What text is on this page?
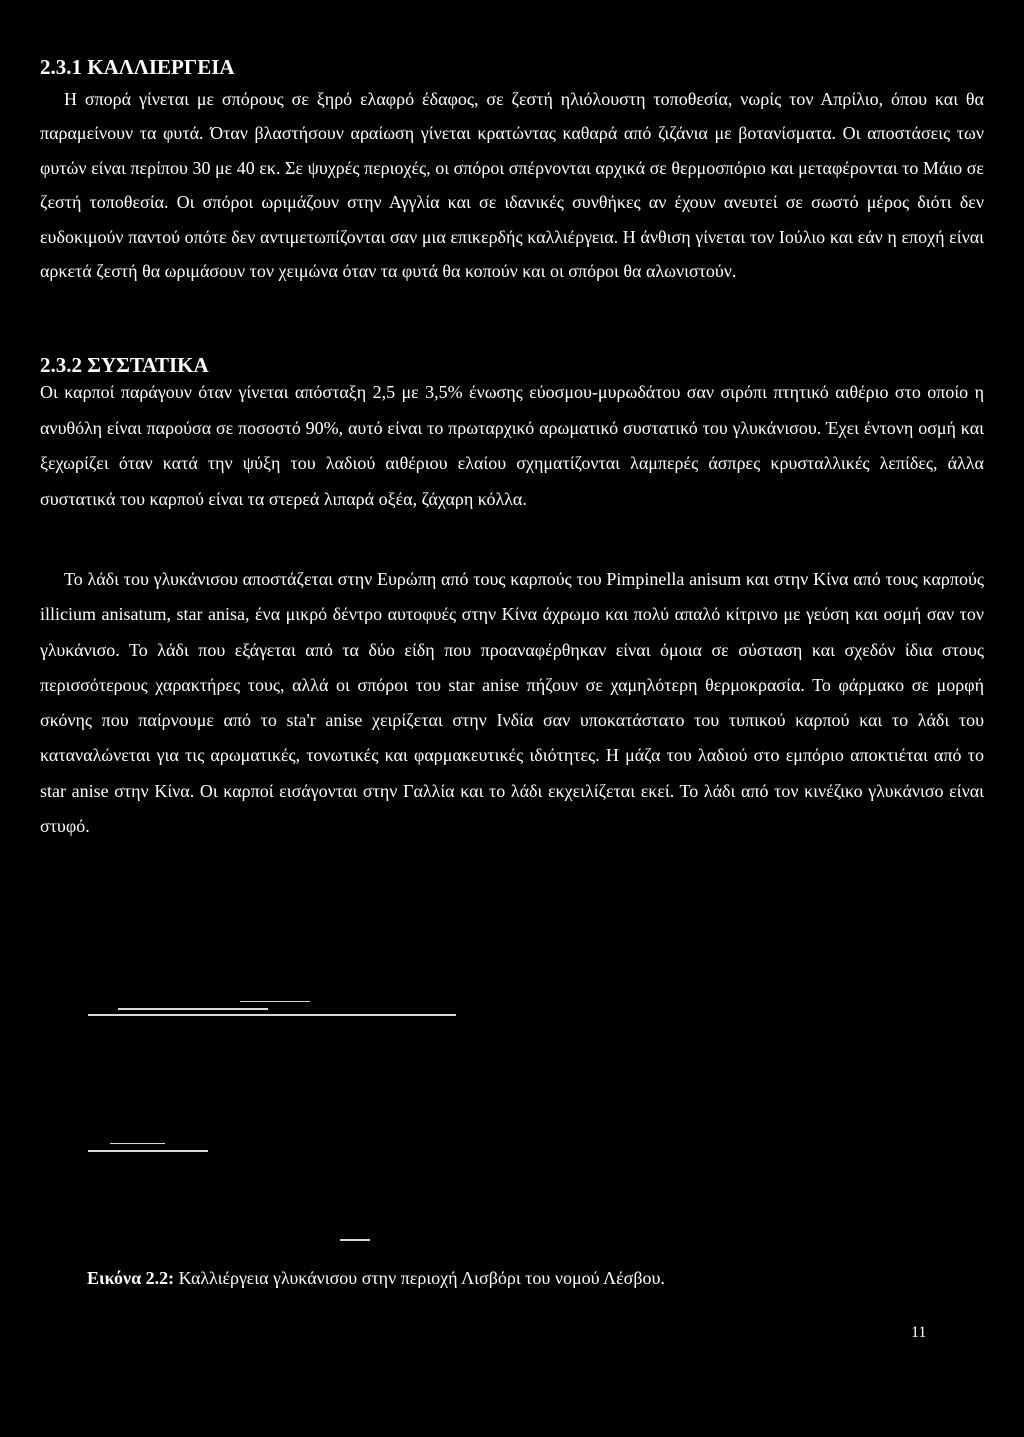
2.3.1 ΚΑΛΛΙΕΡΓΕΙΑ

Η σπορά γίνεται με σπόρους σε ξηρό ελαφρό έδαφος, σε ζεστή ηλιόλουστη τοποθεσία, νωρίς τον Απρίλιο, όπου και θα παραμείνουν τα φυτά. Όταν βλαστήσουν αραίωση γίνεται κρατώντας καθαρά από ζιζάνια με βοτανίσματα. Οι αποστάσεις των φυτών είναι περίπου 30 με 40 εκ. Σε ψυχρές περιοχές, οι σπόροι σπέρνονται αρχικά σε θερμοσπόριο και μεταφέρονται το Μάιο σε ζεστή τοποθεσία. Οι σπόροι ωριμάζουν στην Αγγλία και σε ιδανικές συνθήκες αν έχουν ανευτεί σε σωστό μέρος διότι δεν ευδοκιμούν παντού οπότε δεν αντιμετωπίζονται σαν μια επικερδής καλλιέργεια. Η άνθιση γίνεται τον Ιούλιο και εάν η εποχή είναι αρκετά ζεστή θα ωριμάσουν τον χειμώνα όταν τα φυτά θα κοπούν και οι σπόροι θα αλωνιστούν.

2.3.2 ΣΥΣΤΑΤΙΚΑ

Οι καρποί παράγουν όταν γίνεται απόσταξη 2,5 με 3,5% ένωσης εύοσμου-μυρωδάτου σαν σιρόπι πτητικό αιθέριο στο οποίο η ανυθόλη είναι παρούσα σε ποσοστό 90%, αυτό είναι το πρωταρχικό αρωματικό συστατικό του γλυκάνισου. Έχει έντονη οσμή και ξεχωρίζει όταν κατά την ψύξη του λαδιού αιθέριου ελαίου σχηματίζονται λαμπερές άσπρες κρυσταλλικές λεπίδες, άλλα συστατικά του καρπού είναι τα στερεά λιπαρά οξέα, ζάχαρη κόλλα.

Το λάδι του γλυκάνισου αποστάζεται στην Ευρώπη από τους καρπούς του Pimpinella anisum και στην Κίνα από τους καρπούς illicium anisatum, star anisa, ένα μικρό δέντρο αυτοφυές στην Κίνα άχρωμο και πολύ απαλό κίτρινο με γεύση και οσμή σαν τον γλυκάνισο. Το λάδι που εξάγεται από τα δύο είδη που προαναφέρθηκαν είναι όμοια σε σύσταση και σχεδόν ίδια στους περισσότερους χαρακτήρες τους, αλλά οι σπόροι του star anise πήζουν σε χαμηλότερη θερμοκρασία. Το φάρμακο σε μορφή σκόνης που παίρνουμε από το sta'r anise χειρίζεται στην Ινδία σαν υποκατάστατο του τυπικού καρπού και το λάδι του καταναλώνεται για τις αρωματικές, τονωτικές και φαρμακευτικές ιδιότητες. Η μάζα του λαδιού στο εμπόριο αποκτιέται από το star anise στην Κίνα. Οι καρποί εισάγονται στην Γαλλία και το λάδι εκχειλίζεται εκεί. Το λάδι από τον κινέζικο γλυκάνισο είναι στυφό.

Εικόνα 2.2: Καλλιέργεια γλυκάνισου στην περιοχή Λισβόρι του νομού Λέσβου.

11
